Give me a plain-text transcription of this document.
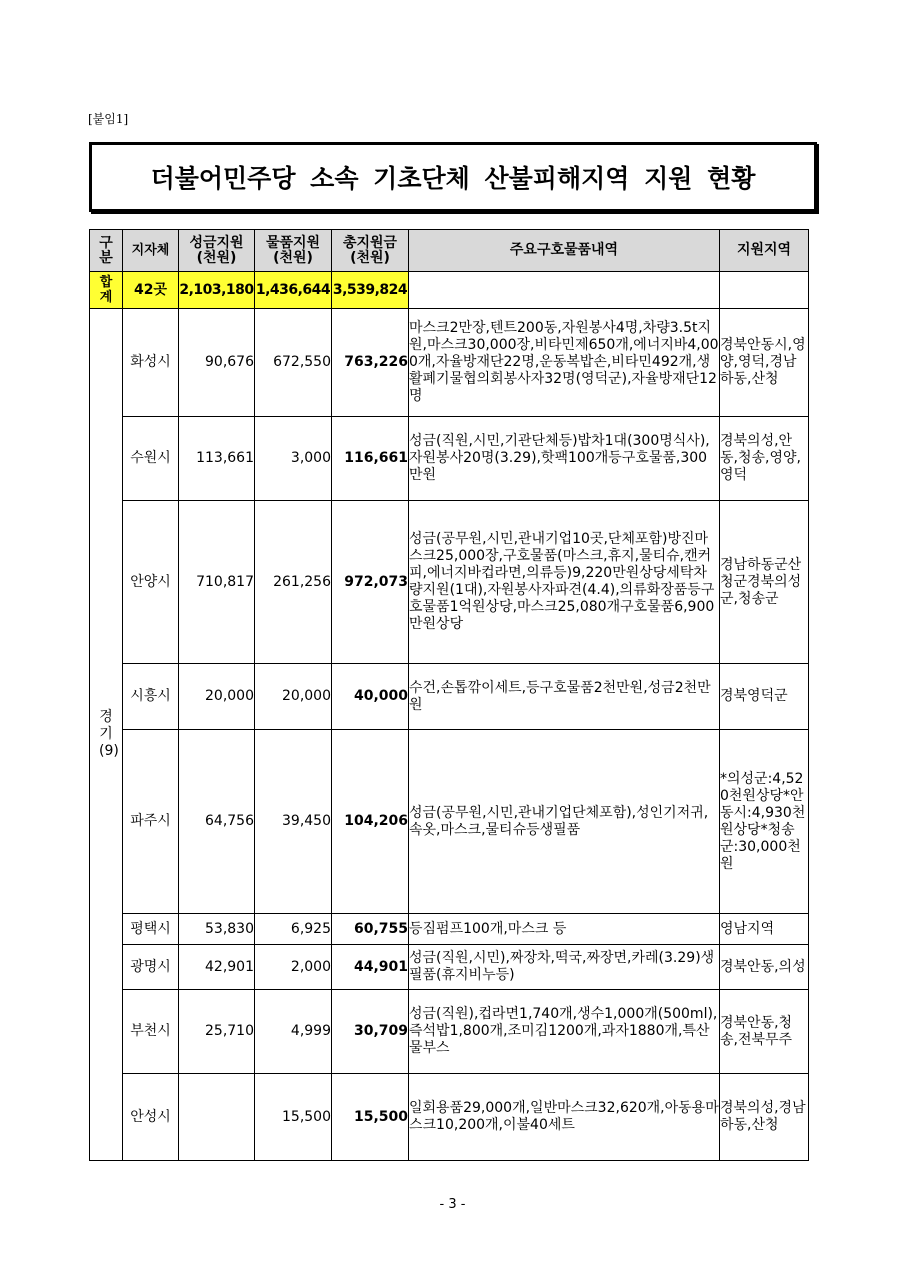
[붙임1]
더불어민주당 소속 기초단체 산불피해지역 지원 현황
구분	지자체	성금지원(천원)	물품지원(천원)	총지원금(천원)	주요구호물품내역	지원지역
합계	42곳	2,103,180	1,436,644	3,539,824		
경기(9)	화성시	90,676	672,550	763,226	마스크2만장,텐트200동,자원봉사4명,차량3.5t지원,마스크30,000장,비타민제650개,에너지바4,000개,자율방재단22명,운동복밥손,비타민492개,생활폐기물협의회봉사자32명(영덕군),자율방재단12명	경북안동시,영양,영덕,경남하동,산청
	수원시	113,661	3,000	116,661	성금(직원,시민,기관단체등)밥차1대(300명식사),자원봉사20명(3.29),핫팩100개등구호물품,300만원	경북의성,안동,청송,영양,영덕
	안양시	710,817	261,256	972,073	성금(공무원,시민,관내기업10곳,단체포함)방진마스크25,000장,구호물품(마스크,휴지,물티슈,캔커피,에너지바컵라면,의류등)9,220만원상당세탁차량지원(1대),자원봉사자파견(4.4),의류화장품등구호물품1억원상당,마스크25,080개구호물품6,900만원상당	경남하동군산청군경북의성군,청송군
	시흥시	20,000	20,000	40,000	수건,손톱깎이세트,등구호물품2천만원,성금2천만원	경북영덕군
	파주시	64,756	39,450	104,206	성금(공무원,시민,관내기업단체포함),성인기저귀,속옷,마스크,물티슈등생필품	*의성군:4,520천원상당*안동시:4,930천원상당*청송군:30,000천원
	평택시	53,830	6,925	60,755	등짐펌프100개,마스크 등	영남지역
	광명시	42,901	2,000	44,901	성금(직원,시민),짜장차,떡국,짜장면,카레(3.29)생필품(휴지비누등)	경북안동,의성
	부천시	25,710	4,999	30,709	성금(직원),컵라면1,740개,생수1,000개(500ml),즉석밥1,800개,조미김1200개,과자1880개,특산물부스	경북안동,청송,전북무주
	안성시		15,500	15,500	일회용품29,000개,일반마스크32,620개,아동용마스크10,200개,이불40세트	경북의성,경남하동,산청
- 3 -
